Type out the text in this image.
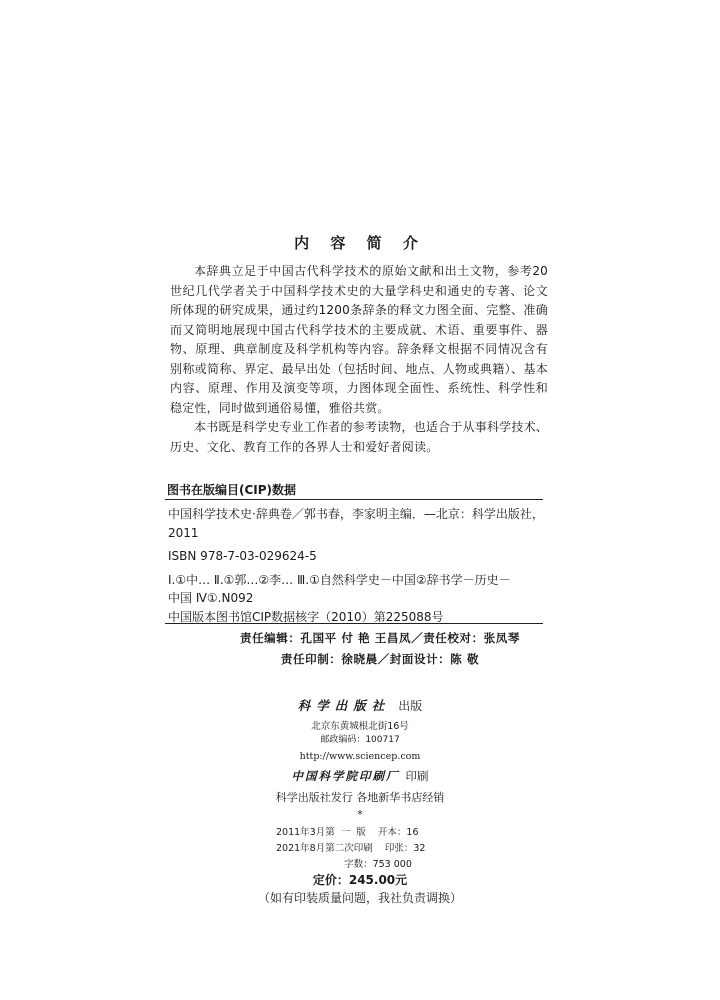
内 容 简 介

本辞典立足于中国古代科学技术的原始文献和出土文物，参考20世纪几代学者关于中国科学技术史的大量学科史和通史的专著、论文所体现的研究成果，通过约1200条辞条的释文力图全面、完整、准确而又简明地展现中国古代科学技术的主要成就、术语、重要事件、器物、原理、典章制度及科学机构等内容。辞条释文根据不同情况含有别称或简称、界定、最早出处（包括时间、地点、人物或典籍）、基本内容、原理、作用及演变等项，力图体现全面性、系统性、科学性和稳定性，同时做到通俗易懂，雅俗共赏。

本书既是科学史专业工作者的参考读物，也适合于从事科学技术、历史、文化、教育工作的各界人士和爱好者阅读。

图书在版编目(CIP)数据
中国科学技术史·辞典卷／郭书春，李家明主编．—北京：科学出版社，
2011
ISBN 978-7-03-029624-5
Ⅰ.①中… Ⅱ.①郭…②李… Ⅲ.①自然科学史－中国②辞书学－历史－
中国 Ⅳ①.N092
中国版本图书馆CIP数据核字（2010）第225088号
责任编辑：孔国平 付 艳 王昌凤／责任校对：张凤琴
责任印制：徐晓晨／封面设计：陈 敬
科学出版社 出版
北京东黄城根北街16号
邮政编码：100717
http://www.sciencep.com
中国科学院印刷厂 印刷
科学出版社发行 各地新华书店经销
*
2011年3月第  一  版 开本：16
2021年8月第二次印刷 印张：32
字数：753 000
定价：245.00元
（如有印装质量问题，我社负责调换）
